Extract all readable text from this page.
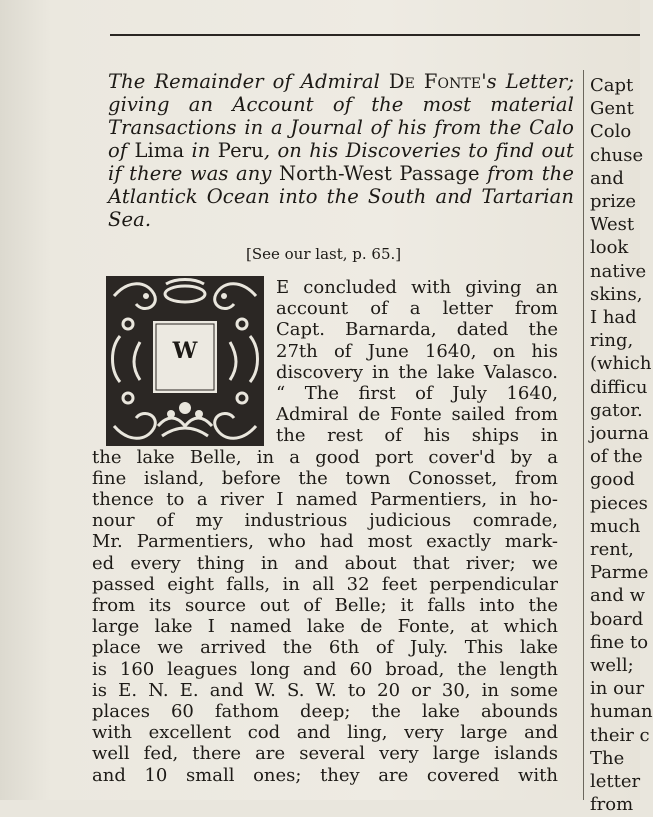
The Remainder of Admiral De Fonte's Letter; giving an Account of the most material Transactions in a Journal of his from the Calo of Lima in Peru, on his Discoveries to find out if there was any North-West Passage from the Atlantick Ocean into the South and Tartarian Sea.
[See our last, p. 65.]
W
E concluded with giving an
account of a letter from
Capt. Barnarda, dated the
27th of June 1640, on his
discovery in the lake Valasco.
“ The first of July 1640,
Admiral de Fonte sailed from
the rest of his ships in
the lake Belle, in a good port cover'd by a
fine island, before the town Conosset, from
thence to a river I named Parmentiers, in ho-
nour of my industrious judicious comrade,
Mr. Parmentiers, who had most exactly mark-
ed every thing in and about that river; we
passed eight falls, in all 32 feet perpendicular
from its source out of Belle; it falls into the
large lake I named lake de Fonte, at which
place we arrived the 6th of July. This lake
is 160 leagues long and 60 broad, the length
is E. N. E. and W. S. W. to 20 or 30, in some
places 60 fathom deep; the lake abounds
with excellent cod and ling, very large and
well fed, there are several very large islands
and 10 small ones; they are covered with
Capt
Gent
Colo
chuse
and
prize
West
look
native
skins,
I had
ring,
(which
difficu
gator.
journa
of the
good
pieces
much
rent,
Parme
and w
board
fine to
well;
in our
human
their c
The
letter
from
